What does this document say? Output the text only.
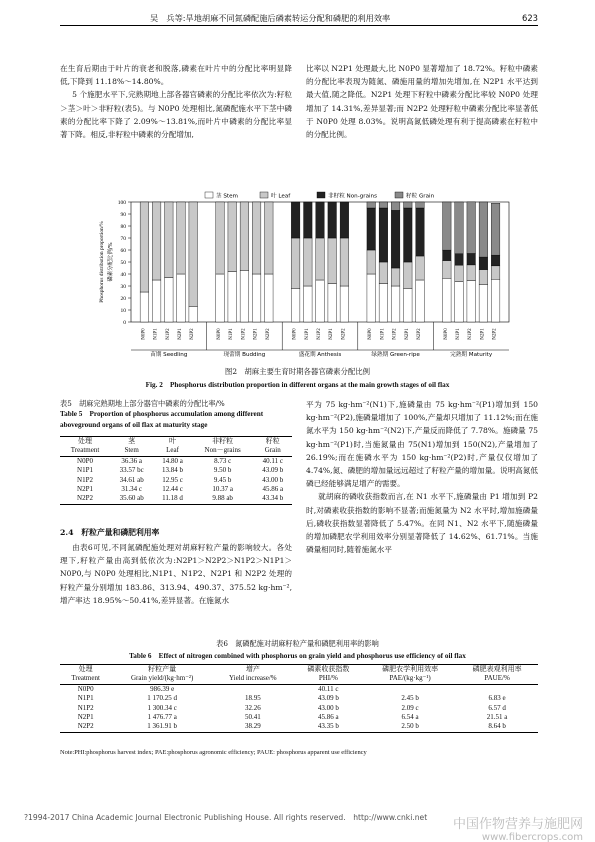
吴　兵等:旱地胡麻不同氮磷配施后磷素转运分配和磷肥的利用效率	623

在生育后期由于叶片的衰老和脱落,磷素在叶片中的分配比率明显降低,下降到 11.18%～14.80%。

5 个施肥水平下,完熟期地上部各器官磷素的分配比率依次为:籽粒＞茎＞叶＞非籽粒(表5)。与 N0P0 处理相比,氮磷配施水平下茎中磷素的分配比率下降了 2.09%～13.81%,而叶片中磷素的分配比率显著下降。相反,非籽粒中磷素的分配增加,

比率以 N2P1 处理最大,比 N0P0 显著增加了 18.72%。籽粒中磷素的分配比率表现为随氮、磷施用量的增加先增加,在 N2P1 水平达到最大值,随之降低。N2P1 处理下籽粒中磷素分配比率较 N0P0 处理增加了 14.31%,差异显著;而 N2P2 处理籽粒中磷素分配比率显著低于 N0P0 处理 8.03%。说明高氮低磷处理有利于提高磷素在籽粒中的分配比例。

0
10
20
30
40
50
60
70
80
90
100
Phosphorus distribution proportion/% 磷素分配比例/%
茎 Stem	叶 Leaf	非籽粒 Non-grains	籽粒 Grain
N0P0 N1P1 N1P2 N2P1 N2P2
苗期 Seedling
N0P0 N1P1 N1P2 N2P1 N2P2
现蕾期 Budding
N0P0 N1P1 N1P2 N2P1 N2P2
盛花期 Anthesis
N0P0 N1P1 N1P2 N2P1 N2P2
绿熟期 Green-ripe
N0P0 N1P1 N1P2 N2P1 N2P2
完熟期 Maturity
图2　胡麻主要生育时期各器官磷素分配比例
Fig. 2　Phosphorus distribution proportion in different organs at the main growth stages of oil flax
表5　胡麻完熟期地上部分器官中磷素的分配比率/%
Table 5　Proportion of phosphorus accumulation among different aboveground organs of oil flax at maturity stage
处理	茎	叶	非籽粒	籽粒
Treatment	Stem	Leaf	Non－grains	Grain
N0P0	36.36 a	14.80 a	8.73 c	40.11 c
N1P1	33.57 bc	13.84 b	9.50 b	43.09 b
N1P2	34.61 ab	12.95 c	9.45 b	43.00 b
N2P1	31.34 c	12.44 c	10.37 a	45.86 a
N2P2	35.60 ab	11.18 d	9.88 ab	43.34 b
2.4　籽粒产量和磷肥利用率

由表6可见,不同氮磷配施处理对胡麻籽粒产量的影响较大。各处理下,籽粒产量由高到低依次为:N2P1＞N2P2＞N1P2＞N1P1＞N0P0,与 N0P0 处理相比,N1P1、N1P2、N2P1 和 N2P2 处理的籽粒产量分别增加 183.86、313.94、490.37、375.52 kg·hm⁻²,增产率达 18.95%～50.41%,差异显著。在施氮水

平为 75 kg·hm⁻²(N1)下,施磷量由 75 kg·hm⁻²(P1)增加到 150 kg·hm⁻²(P2),施磷量增加了 100%,产量却只增加了 11.12%;而在施氮水平为 150 kg·hm⁻²(N2)下,产量反而降低了 7.78%。施磷量 75 kg·hm⁻²(P1)时,当施氮量由 75(N1)增加到 150(N2),产量增加了 26.19%;而在施磷水平为 150 kg·hm⁻²(P2)时,产量仅仅增加了 4.74%,氮、磷肥的增加量远远超过了籽粒产量的增加量。说明高氮低磷已经能够满足增产的需要。

就胡麻的磷收获指数而言,在 N1 水平下,施磷量由 P1 增加到 P2 时,对磷素收获指数的影响不显著;而施氮量为 N2 水平时,增加施磷量后,磷收获指数显著降低了 5.47%。在同 N1、N2 水平下,随施磷量的增加磷肥农学利用效率分别显著降低了 14.62%、61.71%。当施磷量相同时,随着施氮水平

表6　氮磷配施对胡麻籽粒产量和磷肥利用率的影响
Table 6　Effect of nitrogen combined with phosphorus on grain yield and phosphorus use efficiency of oil flax
处理	籽粒产量	增产	磷素收获指数	磷肥农学利用效率	磷肥表观利用率
Treatment	Grain yield/(kg·hm⁻²)	Yield increase/%	PHI/%	PAE/(kg·kg⁻¹)	PAUE/%
N0P0	986.39 e		40.11 c		
N1P1	1 170.25 d	18.95	43.09 b	2.45 b	6.83 e
N1P2	1 300.34 c	32.26	43.00 b	2.09 c	6.57 d
N2P1	1 476.77 a	50.41	45.86 a	6.54 a	21.51 a
N2P2	1 361.91 b	38.29	43.35 b	2.50 b	8.64 b
Note:PHI:phosphorus harvest index; PAE:phosphorus agronomic efficiency; PAUE: phosphorus apparent use efficiency
?1994-2017 China Academic Journal Electronic Publishing House. All rights reserved.　http://www.cnki.net	中国作物营养与施肥网
www.fibercrops.com
